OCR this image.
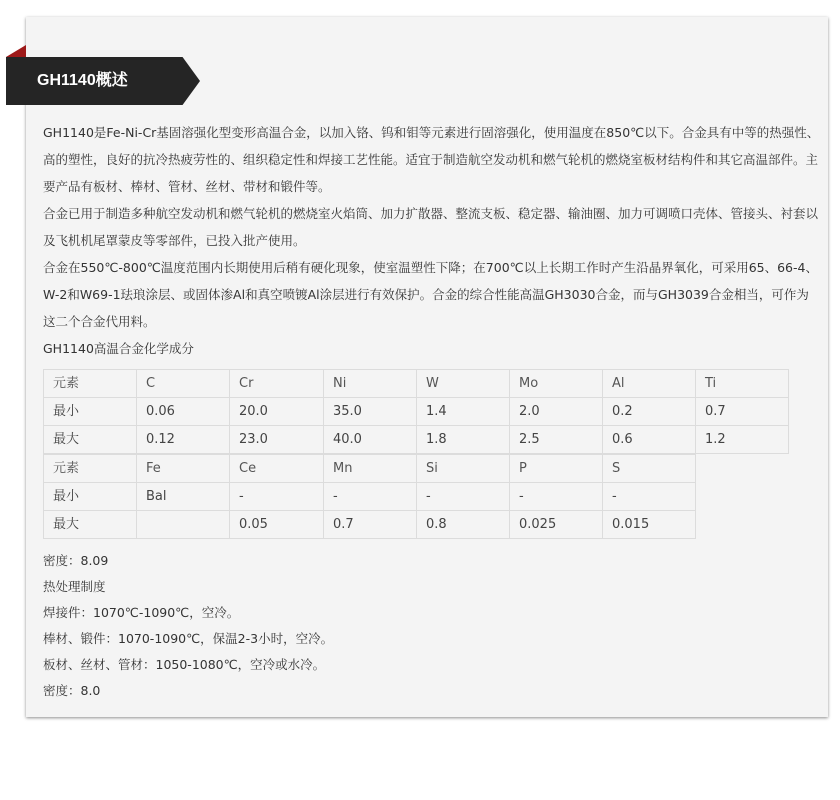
GH1140概述

GH1140是Fe-Ni-Cr基固溶强化型变形高温合金，以加入铬、钨和钼等元素进行固溶强化，使用温度在850℃以下。合金具有中等的热强性、高的塑性，良好的抗冷热疲劳性的、组织稳定性和焊接工艺性能。适宜于制造航空发动机和燃气轮机的燃烧室板材结构件和其它高温部件。主要产品有板材、棒材、管材、丝材、带材和锻件等。

合金已用于制造多种航空发动机和燃气轮机的燃烧室火焰筒、加力扩散器、整流支板、稳定器、输油圈、加力可调喷口壳体、管接头、衬套以及飞机机尾罩蒙皮等零部件，已投入批产使用。

合金在550℃-800℃温度范围内长期使用后稍有硬化现象，使室温塑性下降；在700℃以上长期工作时产生沿晶界氧化，可采用65、66-4、W-2和W69-1珐琅涂层、或固体渗Al和真空喷镀Al涂层进行有效保护。合金的综合性能高温GH3030合金，而与GH3039合金相当，可作为这二个合金代用料。

GH1140高温合金化学成分

元素	C	Cr	Ni	W	Mo	Al	Ti
最小	0.06	20.0	35.0	1.4	2.0	0.2	0.7
最大	0.12	23.0	40.0	1.8	2.5	0.6	1.2
元素	Fe	Ce	Mn	Si	P	S
最小	Bal	-	-	-	-	-
最大		0.05	0.7	0.8	0.025	0.015

密度：8.09

热处理制度

焊接件：1070℃-1090℃，空冷。

棒材、锻件：1070-1090℃，保温2-3小时，空冷。

板材、丝材、管材：1050-1080℃，空冷或水冷。

密度：8.0
